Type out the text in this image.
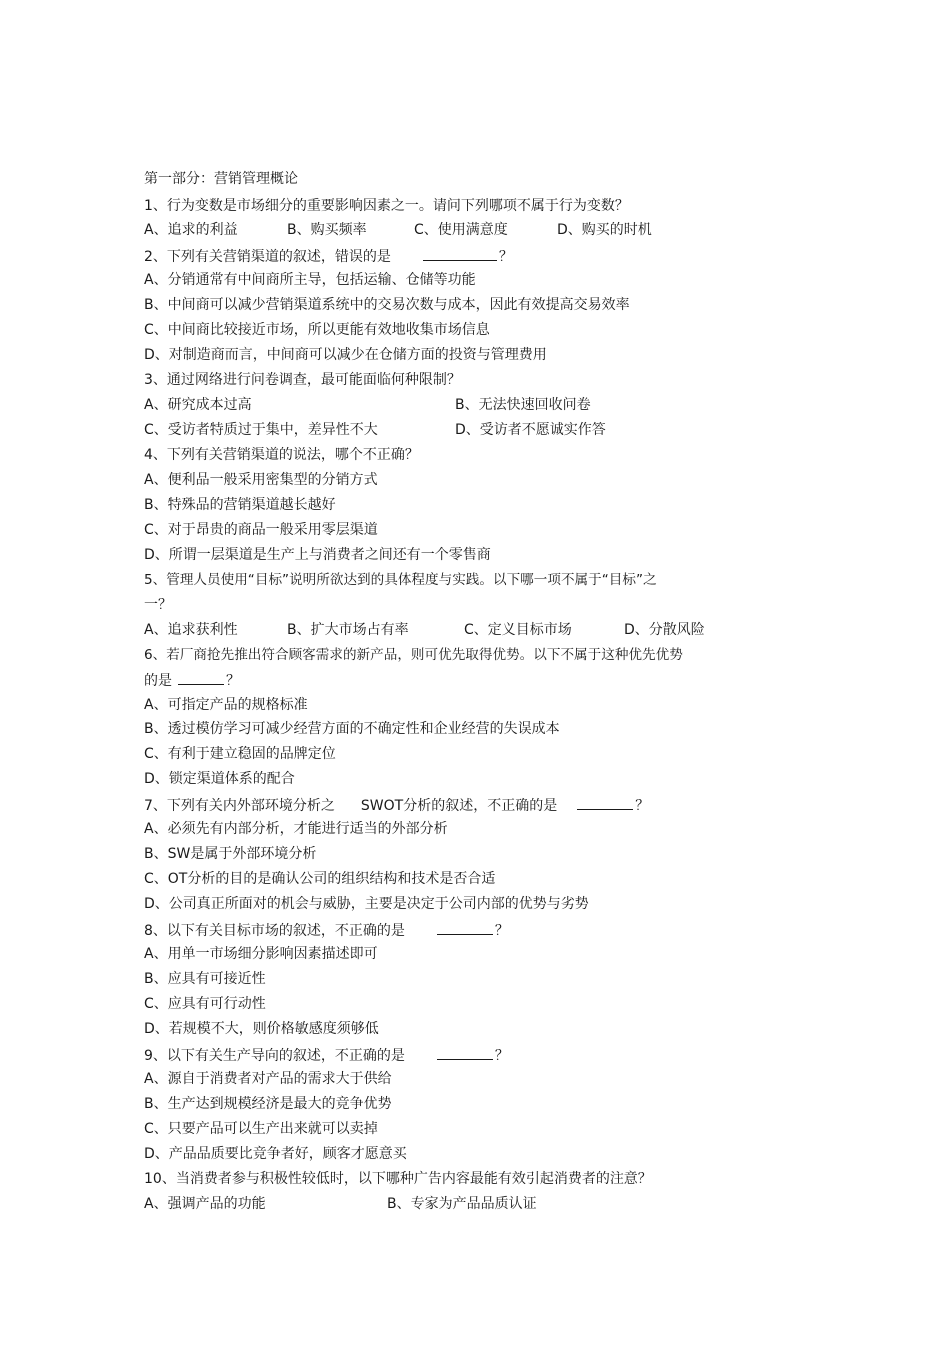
第一部分：营销管理概论
1、行为变数是市场细分的重要影响因素之一。请问下列哪项不属于行为变数？
A、追求的利益	B、购买频率	C、使用满意度	D、购买的时机
2、下列有关营销渠道的叙述，错误的是	？
A、分销通常有中间商所主导，包括运输、仓储等功能
B、中间商可以减少营销渠道系统中的交易次数与成本，因此有效提高交易效率
C、中间商比较接近市场，所以更能有效地收集市场信息
D、对制造商而言，中间商可以减少在仓储方面的投资与管理费用
3、通过网络进行问卷调查，最可能面临何种限制？
A、研究成本过高	B、无法快速回收问卷
C、受访者特质过于集中，差异性不大	D、受访者不愿诚实作答
4、下列有关营销渠道的说法，哪个不正确？
A、便利品一般采用密集型的分销方式
B、特殊品的营销渠道越长越好
C、对于昂贵的商品一般采用零层渠道
D、所谓一层渠道是生产上与消费者之间还有一个零售商
5、管理人员使用“目标”说明所欲达到的具体程度与实践。以下哪一项不属于“目标”之
一？
A、追求获利性	B、扩大市场占有率	C、定义目标市场	D、分散风险
6、若厂商抢先推出符合顾客需求的新产品，则可优先取得优势。以下不属于这种优先优势
的是	？
A、可指定产品的规格标准
B、透过模仿学习可减少经营方面的不确定性和企业经营的失误成本
C、有利于建立稳固的品牌定位
D、锁定渠道体系的配合
7、下列有关内外部环境分析之 SWOT分析的叙述，不正确的是	？
A、必须先有内部分析，才能进行适当的外部分析
B、SW是属于外部环境分析
C、OT分析的目的是确认公司的组织结构和技术是否合适
D、公司真正所面对的机会与威胁，主要是决定于公司内部的优势与劣势
8、以下有关目标市场的叙述，不正确的是	？
A、用单一市场细分影响因素描述即可
B、应具有可接近性
C、应具有可行动性
D、若规模不大，则价格敏感度须够低
9、以下有关生产导向的叙述，不正确的是	？
A、源自于消费者对产品的需求大于供给
B、生产达到规模经济是最大的竞争优势
C、只要产品可以生产出来就可以卖掉
D、产品品质要比竞争者好，顾客才愿意买
10、当消费者参与积极性较低时，以下哪种广告内容最能有效引起消费者的注意？
A、强调产品的功能	B、专家为产品品质认证
